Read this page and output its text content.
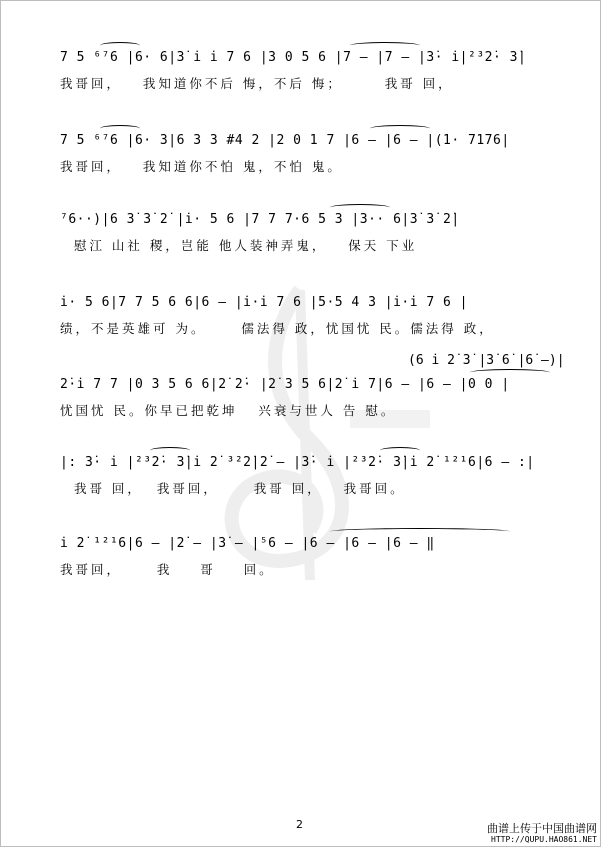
7 5 ⁶⁷6 |6· 6|3̇ i̇ i̇ 7 6 |3 0 5 6 |7 – |7 – |3̇· i̇|²³2̇· 3̇|
我哥回，   我知道你不后 悔，不后 悔；      我哥 回，
7 5 ⁶⁷6 |6· 3|6 3 3 #4 2 |2 0 1 7 |6 – |6 – |(1· 7176|
我哥回，   我知道你不怕 鬼，不怕 鬼。
⁷6··)|6 3̇ 3̇ 2̇ |i̇· 5 6 |7 7 7·6 5 3 |3·· 6|3̇ 3̇ 2̇|
慰江 山社 稷，岂能 他人装神弄鬼，   保天 下业
i̇· 5 6|7 7 5 6 6|6 – |i̇·i̇ 7 6 |5·5 4 3 |i̇·i̇ 7 6 |
绩，不是英雄可 为。     儒法得 政，忧国忧 民。儒法得 政，
(6 i̇ 2̇ 3̇ |3̇ 6̇ |6̇ –)|
2̇·i̇ 7 7 |0 3 5 6 6|2̇ 2̇· |2̇ 3 5 6|2̇ i̇ 7|6 – |6 – |0 0 |
忧国忧 民。你早已把乾坤   兴衰与世人 告 慰。
|: 3̇· i̇ |²³2̇· 3̇|i̇ 2̇ ³²2̇|2̇ – |3̇· i̇ |²³2̇· 3̇|i̇ 2̇ ¹²¹6|6 – :|
我哥 回，  我哥回，     我哥 回，   我哥回。
i̇ 2̇ ¹²¹6|6 – |2̇ – |3̇ – |⁵6 – |6 – |6 – |6 – ‖
我哥回，     我    哥    回。
2	曲谱上传于中国曲谱网
HTTP://QUPU.HAO861.NET
